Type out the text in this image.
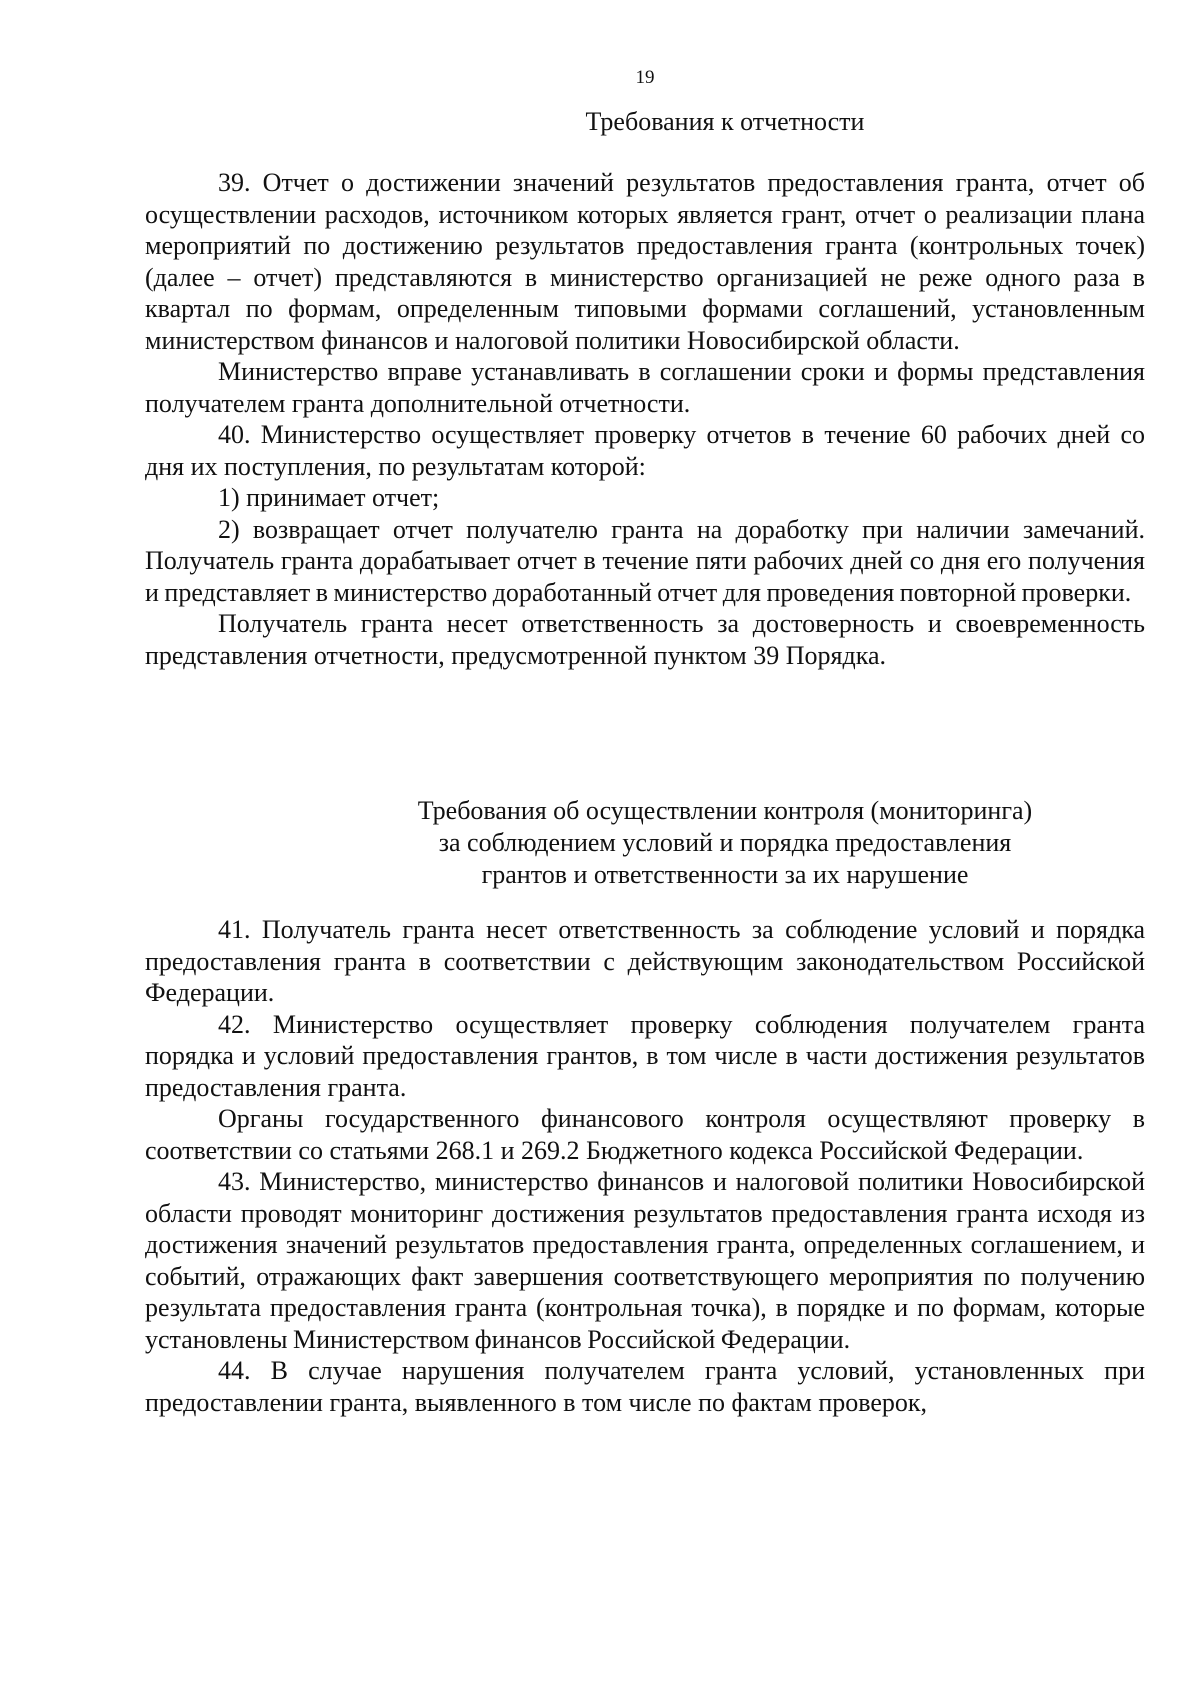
19
Требования к отчетности

39. Отчет о достижении значений результатов предоставления гранта, отчет об осуществлении расходов, источником которых является грант, отчет о реализации плана мероприятий по достижению результатов предоставления гранта (контрольных точек) (далее – отчет) представляются в министерство организацией не реже одного раза в квартал по формам, определенным типовыми формами соглашений, установленным министерством финансов и налоговой политики Новосибирской области.

Министерство вправе устанавливать в соглашении сроки и формы представления получателем гранта дополнительной отчетности.

40. Министерство осуществляет проверку отчетов в течение 60 рабочих дней со дня их поступления, по результатам которой:

1) принимает отчет;

2) возвращает отчет получателю гранта на доработку при наличии замечаний. Получатель гранта дорабатывает отчет в течение пяти рабочих дней со дня его получения и представляет в министерство доработанный отчет для проведения повторной проверки.

Получатель гранта несет ответственность за достоверность и своевременность представления отчетности, предусмотренной пунктом 39 Порядка.

Требования об осуществлении контроля (мониторинга)
за соблюдением условий и порядка предоставления
грантов и ответственности за их нарушение

41. Получатель гранта несет ответственность за соблюдение условий и порядка предоставления гранта в соответствии с действующим законодательством Российской Федерации.

42. Министерство осуществляет проверку соблюдения получателем гранта порядка и условий предоставления грантов, в том числе в части достижения результатов предоставления гранта.

Органы государственного финансового контроля осуществляют проверку в соответствии со статьями 268.1 и 269.2 Бюджетного кодекса Российской Федерации.

43. Министерство, министерство финансов и налоговой политики Новосибирской области проводят мониторинг достижения результатов предоставления гранта исходя из достижения значений результатов предоставления гранта, определенных соглашением, и событий, отражающих факт завершения соответствующего мероприятия по получению результата предоставления гранта (контрольная точка), в порядке и по формам, которые установлены Министерством финансов Российской Федерации.

44. В случае нарушения получателем гранта условий, установленных при предоставлении гранта, выявленного в том числе по фактам проверок,
